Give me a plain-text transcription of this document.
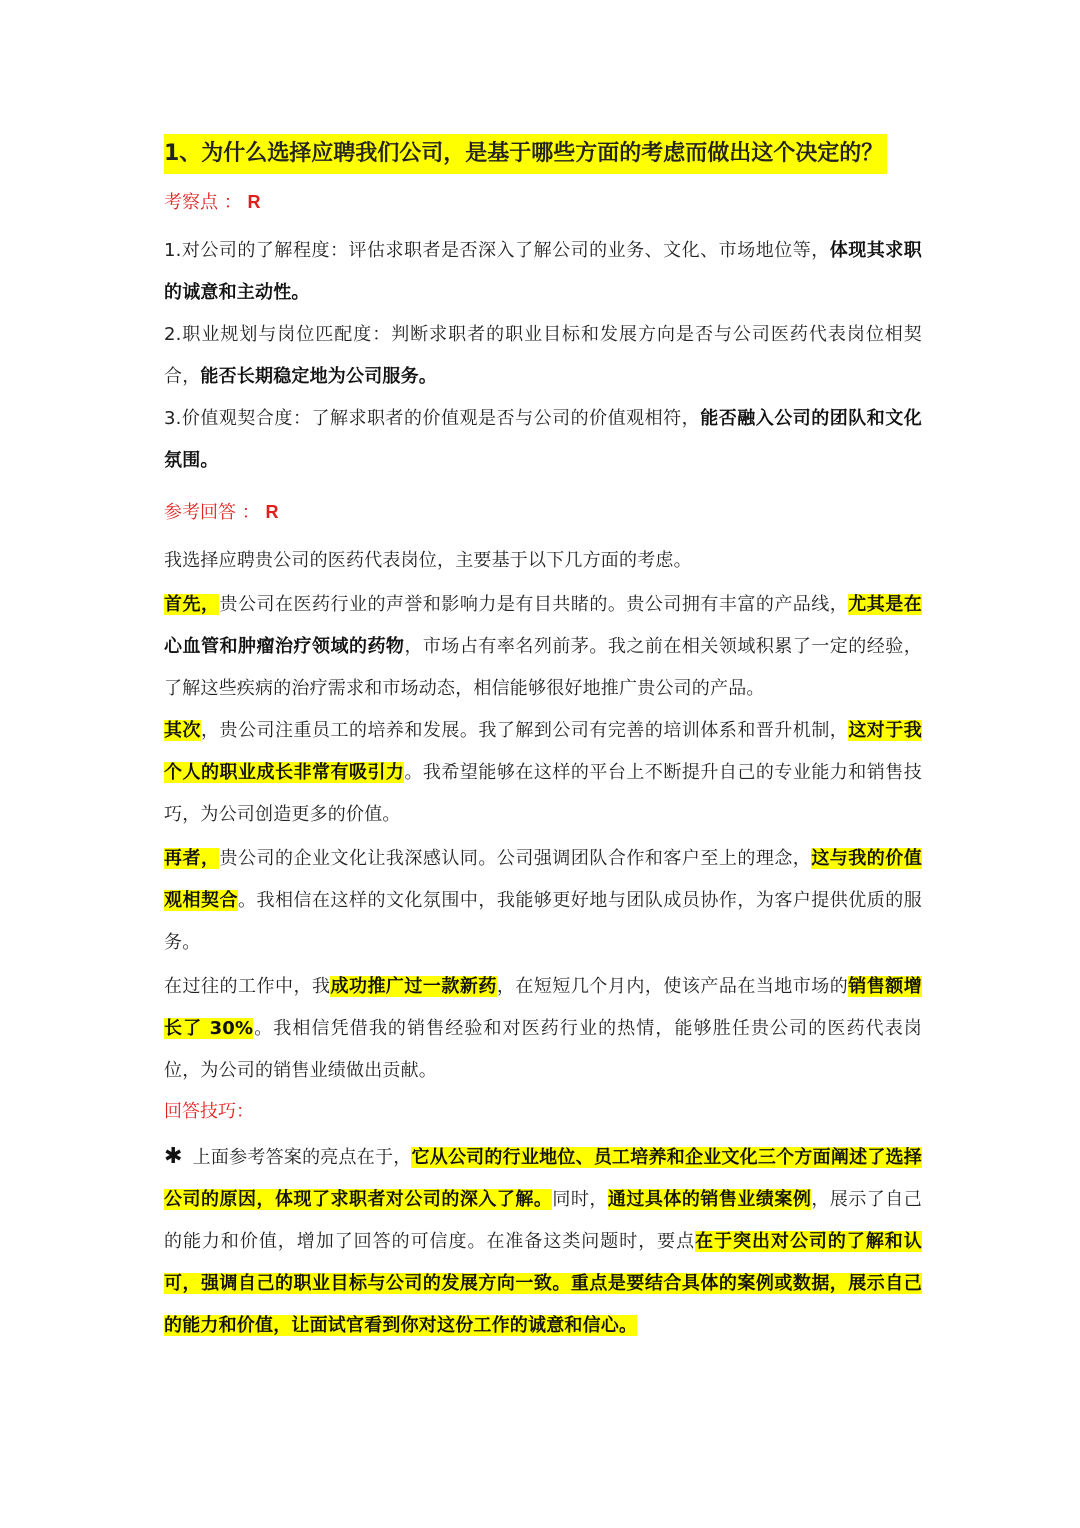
1、为什么选择应聘我们公司，是基于哪些方面的考虑而做出这个决定的？
考察点 ： R
1.对公司的了解程度：评估求职者是否深入了解公司的业务、文化、市场地位等，体现其求职的诚意和主动性。
2.职业规划与岗位匹配度：判断求职者的职业目标和发展方向是否与公司医药代表岗位相契合，能否长期稳定地为公司服务。
3.价值观契合度：了解求职者的价值观是否与公司的价值观相符，能否融入公司的团队和文化氛围。
参考回答 ： R
我选择应聘贵公司的医药代表岗位，主要基于以下几方面的考虑。
首先，贵公司在医药行业的声誉和影响力是有目共睹的。贵公司拥有丰富的产品线，尤其是在心血管和肿瘤治疗领域的药物，市场占有率名列前茅。我之前在相关领域积累了一定的经验，了解这些疾病的治疗需求和市场动态，相信能够很好地推广贵公司的产品。
其次，贵公司注重员工的培养和发展。我了解到公司有完善的培训体系和晋升机制，这对于我个人的职业成长非常有吸引力。我希望能够在这样的平台上不断提升自己的专业能力和销售技巧，为公司创造更多的价值。
再者，贵公司的企业文化让我深感认同。公司强调团队合作和客户至上的理念，这与我的价值观相契合。我相信在这样的文化氛围中，我能够更好地与团队成员协作，为客户提供优质的服务。
在过往的工作中，我成功推广过一款新药，在短短几个月内，使该产品在当地市场的销售额增长了 30%。我相信凭借我的销售经验和对医药行业的热情，能够胜任贵公司的医药代表岗位，为公司的销售业绩做出贡献。
回答技巧：
✱ 上面参考答案的亮点在于，它从公司的行业地位、员工培养和企业文化三个方面阐述了选择公司的原因，体现了求职者对公司的深入了解。同时，通过具体的销售业绩案例，展示了自己的能力和价值，增加了回答的可信度。在准备这类问题时，要点在于突出对公司的了解和认可，强调自己的职业目标与公司的发展方向一致。重点是要结合具体的案例或数据，展示自己的能力和价值，让面试官看到你对这份工作的诚意和信心。
